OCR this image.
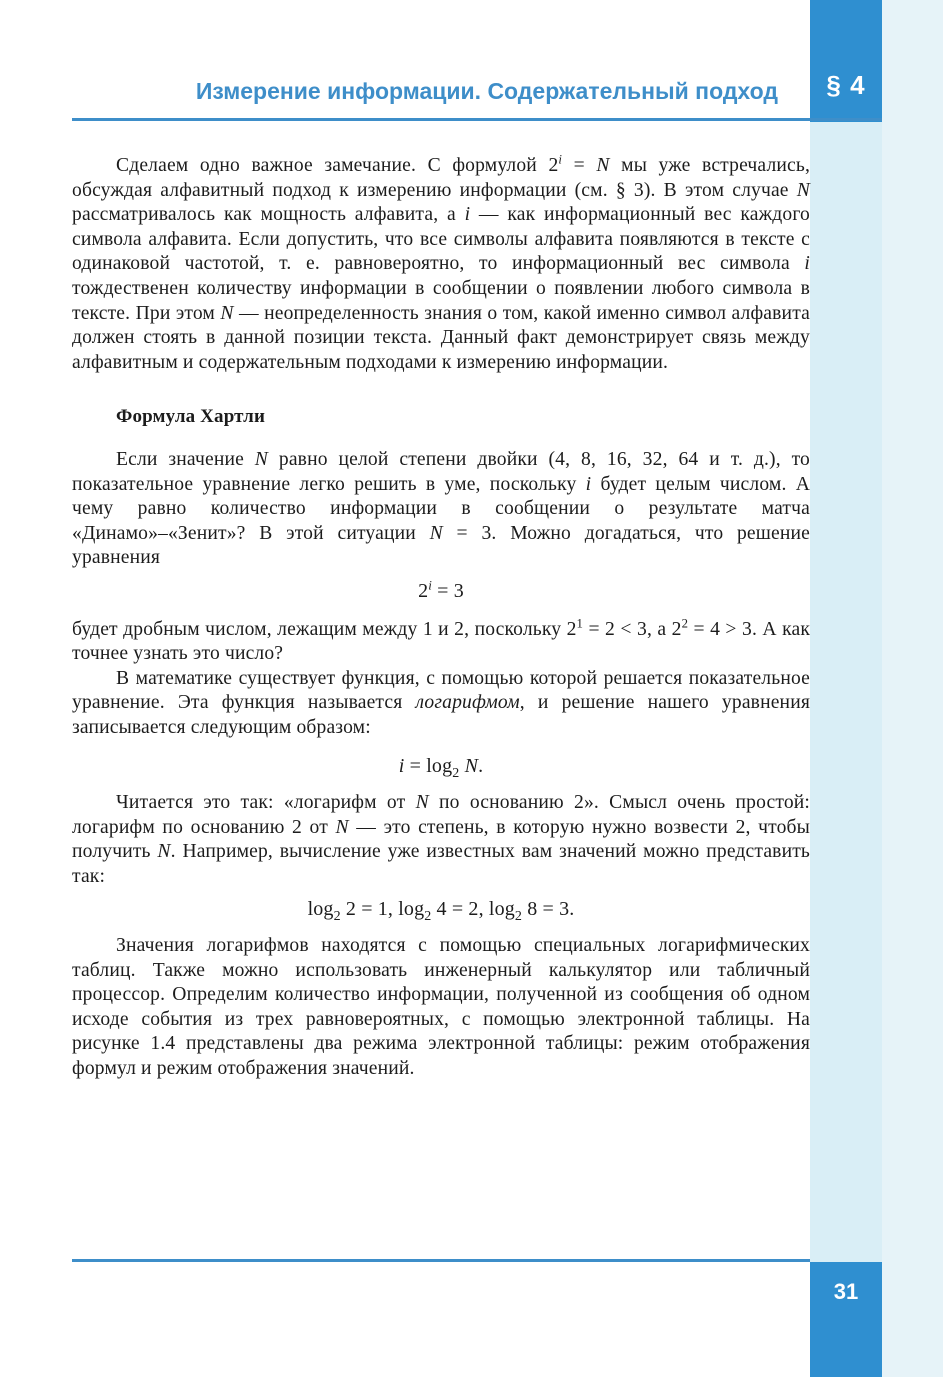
§ 4
Измерение информации. Содержательный подход

Сделаем одно важное замечание. С формулой $2^i = N$ мы уже встречались, обсуждая алфавитный подход к измерению информации (см. § 3). В этом случае N рассматривалось как мощность алфавита, а i — как информационный вес каждого символа алфавита. Если допустить, что все символы алфавита появляются в тексте с одинаковой частотой, т. е. равновероятно, то информационный вес символа i тождественен количеству информации в сообщении о появлении любого символа в тексте. При этом N — неопределенность знания о том, какой именно символ алфавита должен стоять в данной позиции текста. Данный факт демонстрирует связь между алфавитным и содержательным подходами к измерению информации.

Формула Хартли

Если значение N равно целой степени двойки (4, 8, 16, 32, 64 и т. д.), то показательное уравнение легко решить в уме, поскольку i будет целым числом. А чему равно количество информации в сообщении о результате матча «Динамо»–«Зенит»? В этой ситуации N = 3. Можно догадаться, что решение уравнения

$2^i = 3$

будет дробным числом, лежащим между 1 и 2, поскольку $2^1 = 2 < 3$, а $2^2 = 4 > 3$. А как точнее узнать это число?

В математике существует функция, с помощью которой решается показательное уравнение. Эта функция называется логарифмом, и решение нашего уравнения записывается следующим образом:

$i = \log_2 N$.

Читается это так: «логарифм от N по основанию 2». Смысл очень простой: логарифм по основанию 2 от N — это степень, в которую нужно возвести 2, чтобы получить N. Например, вычисление уже известных вам значений можно представить так:

$\log_2 2 = 1$, $\log_2 4 = 2$, $\log_2 8 = 3$.

Значения логарифмов находятся с помощью специальных логарифмических таблиц. Также можно использовать инженерный калькулятор или табличный процессор. Определим количество информации, полученной из сообщения об одном исходе события из трех равновероятных, с помощью электронной таблицы. На рисунке 1.4 представлены два режима электронной таблицы: режим отображения формул и режим отображения значений.

31
